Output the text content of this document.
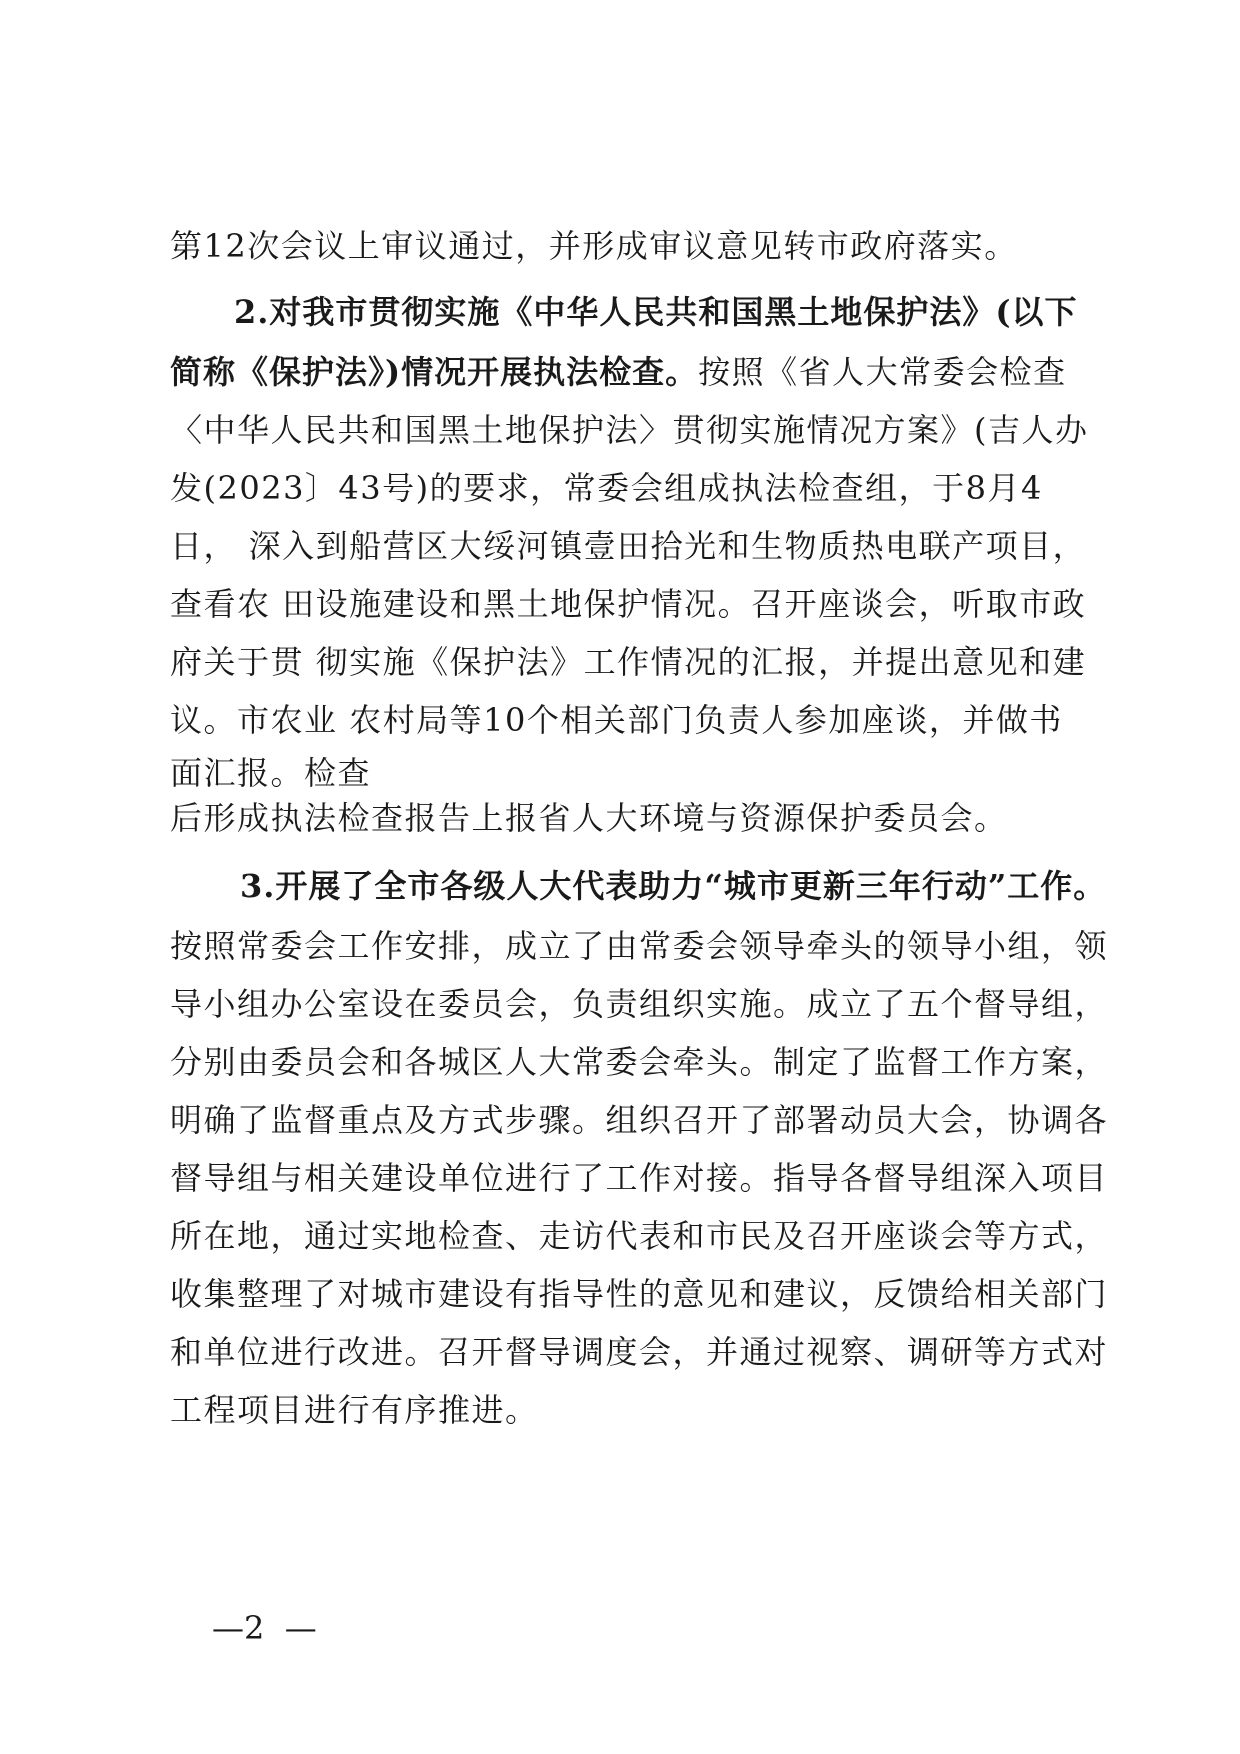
第12次会议上审议通过，并形成审议意见转市政府落实。
2.对我市贯彻实施《中华人民共和国黑土地保护法》(以下
简称《保护法》)情况开展执法检查。按照《省人大常委会检查
〈中华人民共和国黑土地保护法〉贯彻实施情况方案》(吉人办
发(2023〕43号)的要求，常委会组成执法检查组，于8月4
日， 深入到船营区大绥河镇壹田拾光和生物质热电联产项目，
查看农 田设施建设和黑土地保护情况。召开座谈会，听取市政
府关于贯 彻实施《保护法》工作情况的汇报，并提出意见和建
议。市农业 农村局等10个相关部门负责人参加座谈，并做书
面汇报。检查
后形成执法检查报告上报省人大环境与资源保护委员会。
3.开展了全市各级人大代表助力“城市更新三年行动”工作。
按照常委会工作安排，成立了由常委会领导牵头的领导小组，领
导小组办公室设在委员会，负责组织实施。成立了五个督导组，
分别由委员会和各城区人大常委会牵头。制定了监督工作方案，
明确了监督重点及方式步骤。组织召开了部署动员大会，协调各
督导组与相关建设单位进行了工作对接。指导各督导组深入项目
所在地，通过实地检查、走访代表和市民及召开座谈会等方式，
收集整理了对城市建设有指导性的意见和建议，反馈给相关部门
和单位进行改进。召开督导调度会，并通过视察、调研等方式对
工程项目进行有序推进。
—2  —
